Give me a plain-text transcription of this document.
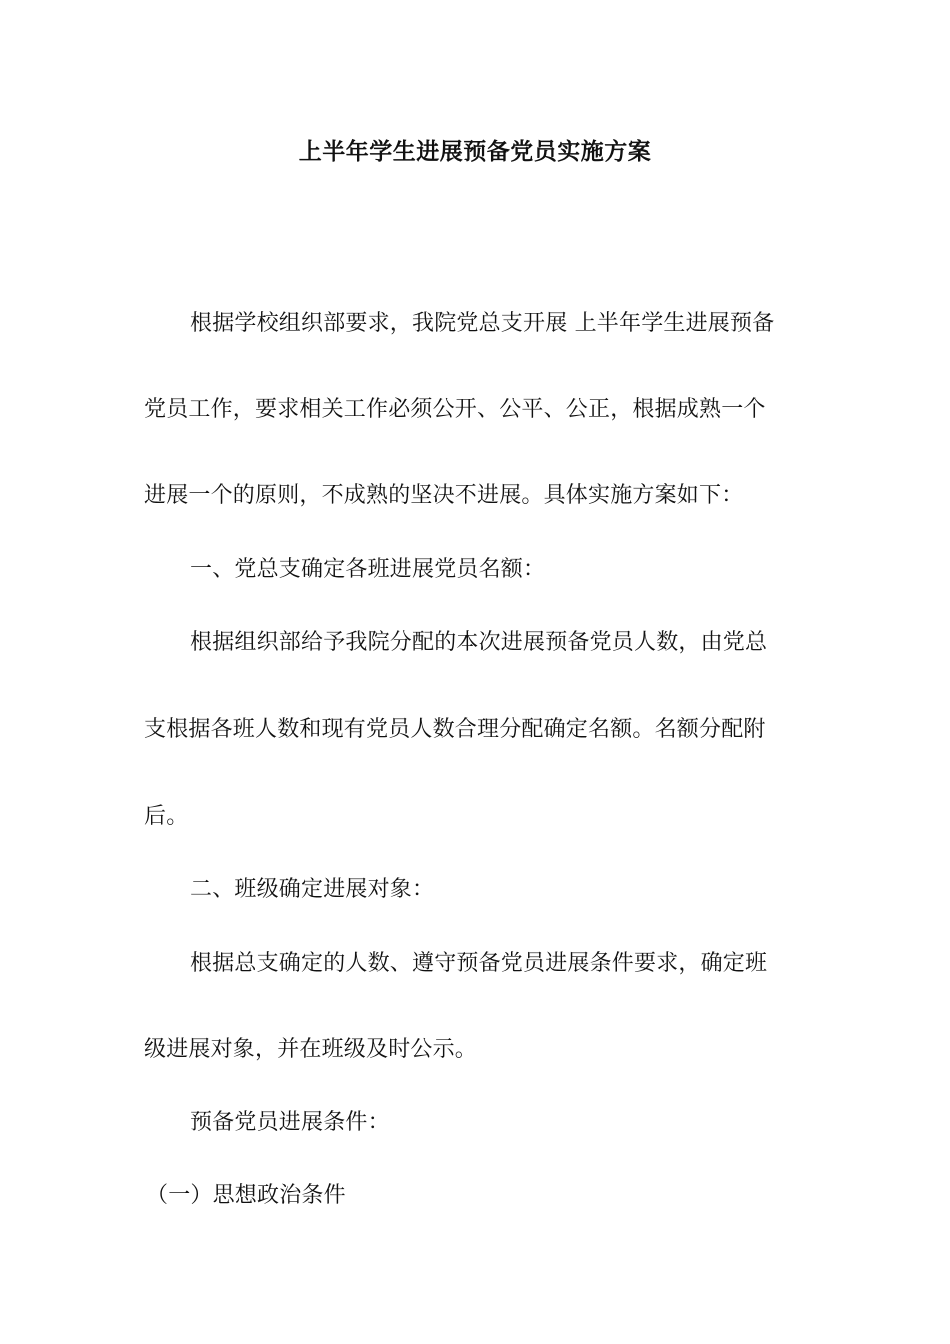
上半年学生进展预备党员实施方案
根据学校组织部要求，我院党总支开展 上半年学生进展预备
党员工作，要求相关工作必须公开、公平、公正，根据成熟一个
进展一个的原则，不成熟的坚决不进展。具体实施方案如下：
一、党总支确定各班进展党员名额：
根据组织部给予我院分配的本次进展预备党员人数，由党总
支根据各班人数和现有党员人数合理分配确定名额。名额分配附
后。
二、班级确定进展对象：
根据总支确定的人数、遵守预备党员进展条件要求，确定班
级进展对象，并在班级及时公示。
预备党员进展条件：
（一）思想政治条件
